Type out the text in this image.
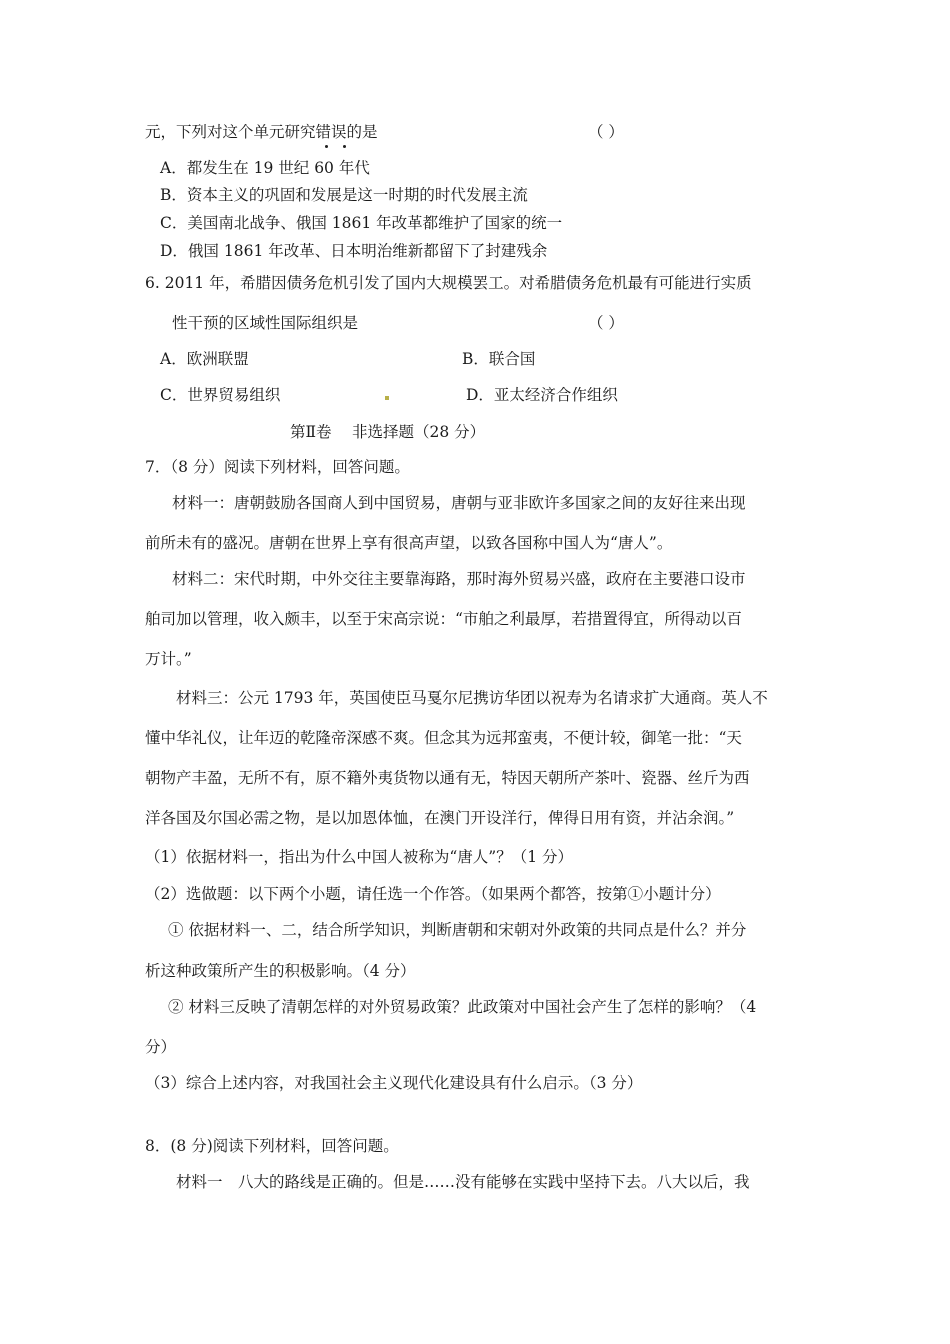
元，下列对这个单元研究错误的是	（ ）
A．都发生在 19 世纪 60 年代
B．资本主义的巩固和发展是这一时期的时代发展主流
C．美国南北战争、俄国 1861 年改革都维护了国家的统一
D．俄国 1861 年改革、日本明治维新都留下了封建残余
6. 2011 年，希腊因债务危机引发了国内大规模罢工。对希腊债务危机最有可能进行实质
性干预的区域性国际组织是	（ ）
A．欧洲联盟	B．联合国
C．世界贸易组织	D．亚太经济合作组织
第Ⅱ卷　 非选择题（28 分）
7．（8 分）阅读下列材料，回答问题。
材料一：唐朝鼓励各国商人到中国贸易，唐朝与亚非欧许多国家之间的友好往来出现
前所未有的盛况。唐朝在世界上享有很高声望，以致各国称中国人为“唐人”。
材料二：宋代时期，中外交往主要靠海路，那时海外贸易兴盛，政府在主要港口设市
舶司加以管理，收入颇丰，以至于宋高宗说：“市舶之利最厚，若措置得宜，所得动以百
万计。”
材料三：公元 1793 年，英国使臣马戛尔尼携访华团以祝寿为名请求扩大通商。英人不
懂中华礼仪，让年迈的乾隆帝深感不爽。但念其为远邦蛮夷，不便计较，御笔一批：“天
朝物产丰盈，无所不有，原不籍外夷货物以通有无，特因天朝所产茶叶、瓷器、丝斤为西
洋各国及尔国必需之物，是以加恩体恤，在澳门开设洋行，俾得日用有资，并沾余润。”
（1）依据材料一，指出为什么中国人被称为“唐人”？（1 分）
（2）选做题：以下两个小题，请任选一个作答。（如果两个都答，按第①小题计分）
① 依据材料一、二，结合所学知识，判断唐朝和宋朝对外政策的共同点是什么？并分
析这种政策所产生的积极影响。（4 分）
② 材料三反映了清朝怎样的对外贸易政策？此政策对中国社会产生了怎样的影响？（4
分）
（3）综合上述内容，对我国社会主义现代化建设具有什么启示。（3 分）
8．(8 分)阅读下列材料，回答问题。
材料一　八大的路线是正确的。但是……没有能够在实践中坚持下去。八大以后，我
